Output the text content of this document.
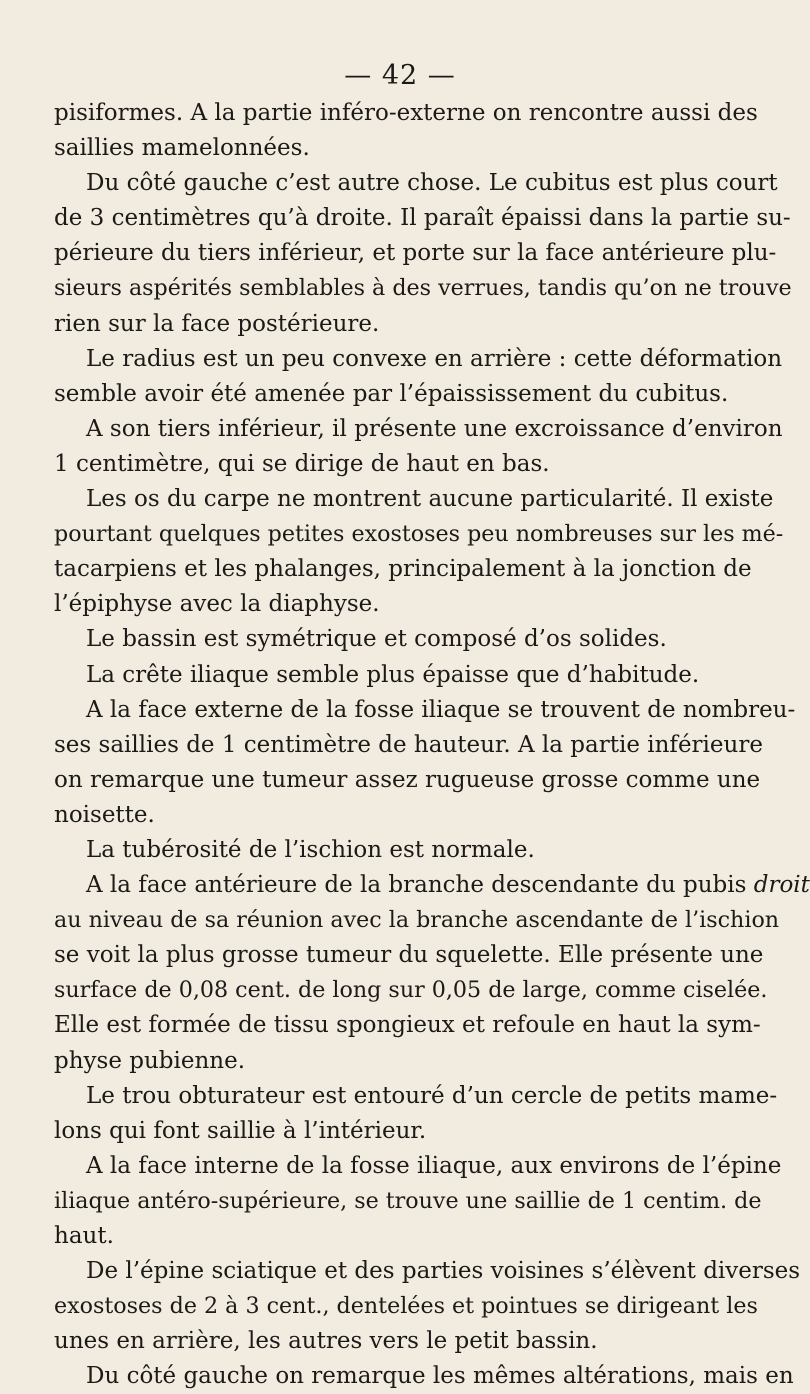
— 42 —
pisiformes. A la partie inféro-externe on rencontre aussi des
saillies mamelonnées.
Du côté gauche c’est autre chose. Le cubitus est plus court
de 3 centimètres qu’à droite. Il paraît épaissi dans la partie su-
périeure du tiers inférieur, et porte sur la face antérieure plu-
sieurs aspérités semblables à des verrues, tandis qu’on ne trouve
rien sur la face postérieure.
Le radius est un peu convexe en arrière : cette déformation
semble avoir été amenée par l’épaississement du cubitus.
A son tiers inférieur, il présente une excroissance d’environ
1 centimètre, qui se dirige de haut en bas.
Les os du carpe ne montrent aucune particularité. Il existe
pourtant quelques petites exostoses peu nombreuses sur les mé-
tacarpiens et les phalanges, principalement à la jonction de
l’épiphyse avec la diaphyse.
Le bassin est symétrique et composé d’os solides.
La crête iliaque semble plus épaisse que d’habitude.
A la face externe de la fosse iliaque se trouvent de nombreu-
ses saillies de 1 centimètre de hauteur. A la partie inférieure
on remarque une tumeur assez rugueuse grosse comme une
noisette.
La tubérosité de l’ischion est normale.
A la face antérieure de la branche descendante du pubis droit
au niveau de sa réunion avec la branche ascendante de l’ischion
se voit la plus grosse tumeur du squelette. Elle présente une
surface de 0,08 cent. de long sur 0,05 de large, comme ciselée.
Elle est formée de tissu spongieux et refoule en haut la sym-
physe pubienne.
Le trou obturateur est entouré d’un cercle de petits mame-
lons qui font saillie à l’intérieur.
A la face interne de la fosse iliaque, aux environs de l’épine
iliaque antéro-supérieure, se trouve une saillie de 1 centim. de
haut.
De l’épine sciatique et des parties voisines s’élèvent diverses
exostoses de 2 à 3 cent., dentelées et pointues se dirigeant les
unes en arrière, les autres vers le petit bassin.
Du côté gauche on remarque les mêmes altérations, mais en
